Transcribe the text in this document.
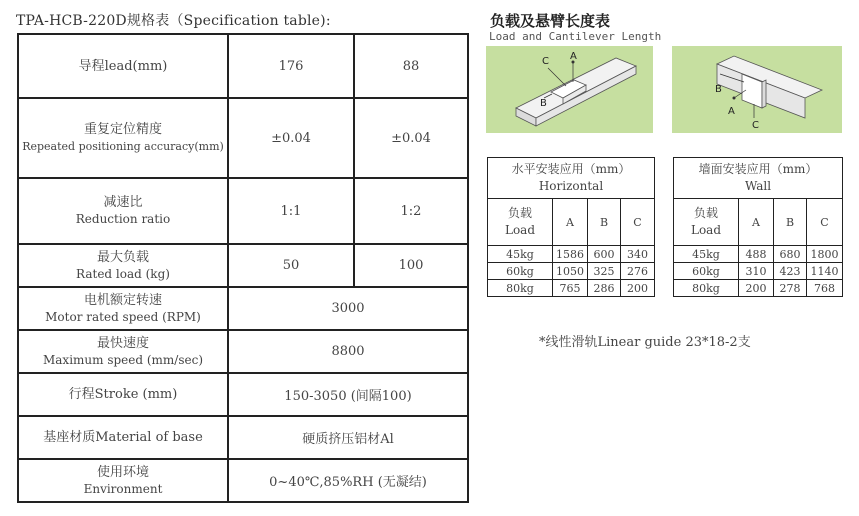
TPA-HCB-220D规格表（Specification table):
导程lead(mm)	176	88

重复定位精度
Repeated positioning accuracy(mm)	±0.04	±0.04

减速比
Reduction ratio	1:1	1:2

最大负载
Rated load (kg)	50	100

电机额定转速
Motor rated speed (RPM)	3000	

最快速度
Maximum speed (mm/sec)	8800	

行程Stroke (mm)	150-3050 (间隔100)	

基座材质Material of base	硬质挤压铝材Al	

使用环境
Environment	0~40℃,85%RH (无凝结)	
负载及悬臂长度表
Load and Cantilever Length
A
C
B
B
A
C
水平安装应用（mm）
Horizontal			

负载
Load	A	B	C
45kg	1586	600	340
60kg	1050	325	276
80kg	765	286	200
墙面安装应用（mm）
Wall			

负载
Load	A	B	C
45kg	488	680	1800
60kg	310	423	1140
80kg	200	278	768
*线性滑轨Linear guide 23*18-2支
